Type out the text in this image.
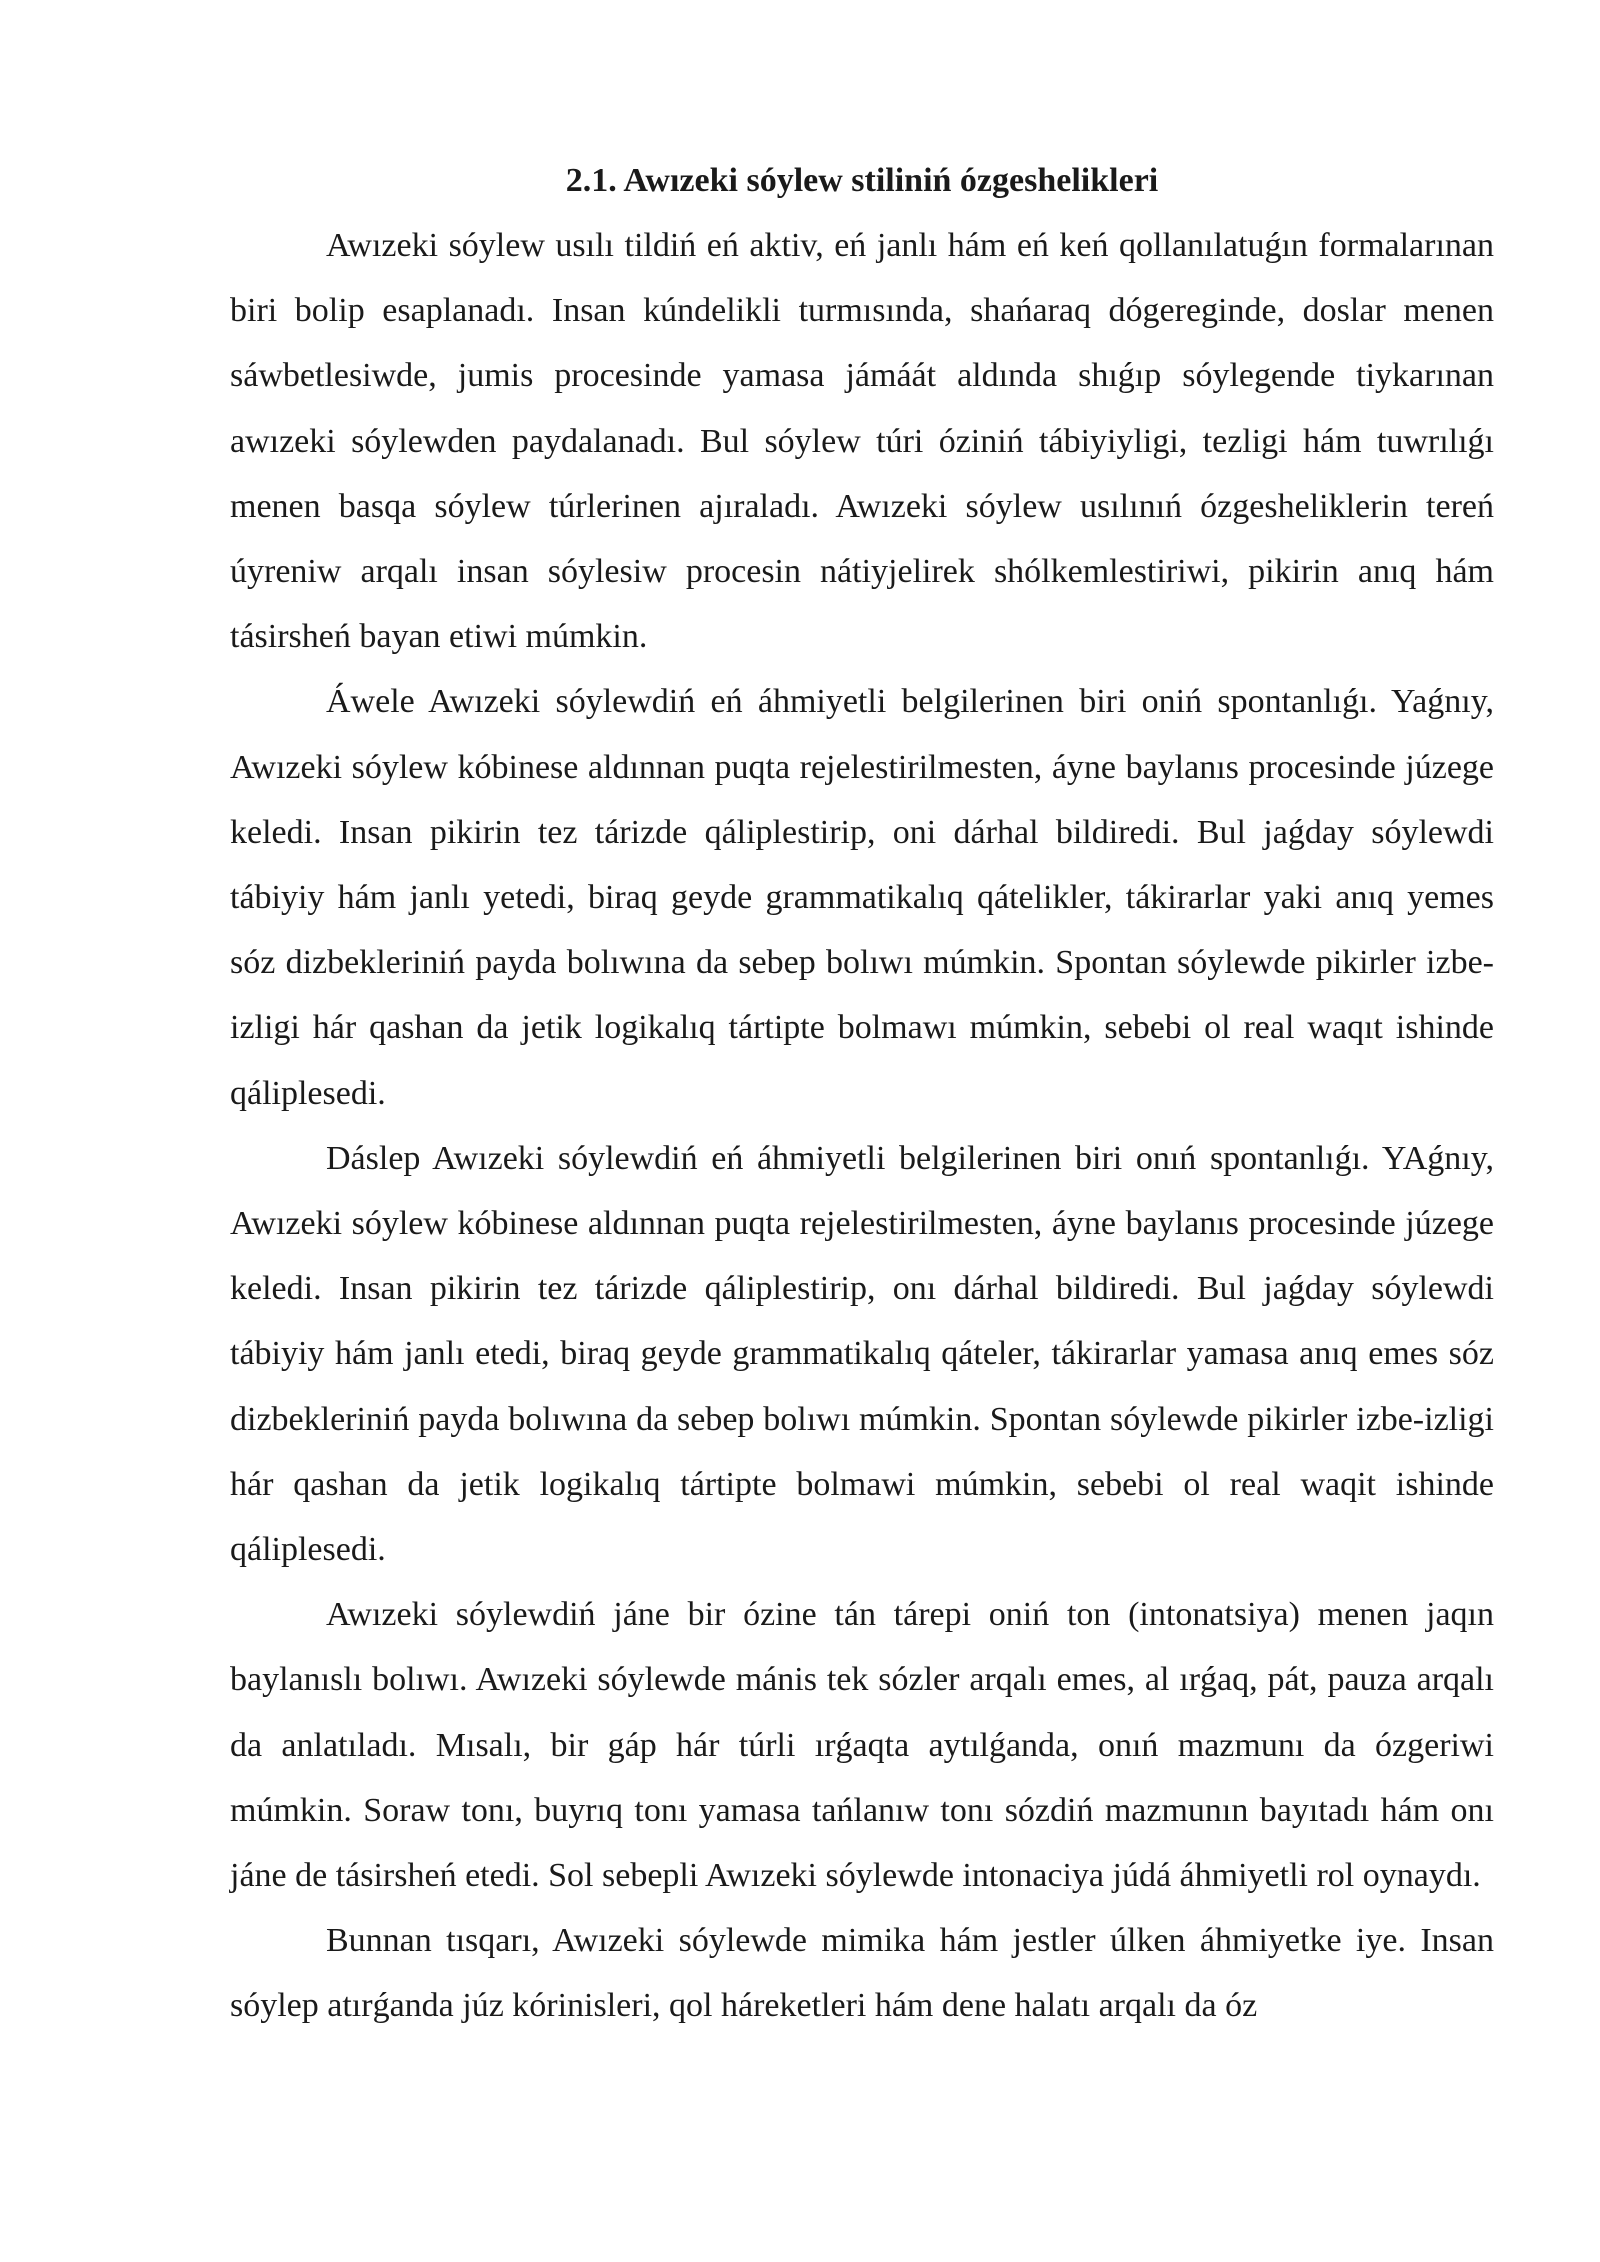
2.1. Awızeki sóylew stiliniń ózgeshelikleri

Awızeki sóylew usılı tildiń eń aktiv, eń janlı hám eń keń qollanılatuǵın formalarınan biri bolip esaplanadı. Insan kúndelikli turmısında, shańaraq dógereginde, doslar menen sáwbetlesiwde, jumis procesinde yamasa jámáát aldında shıǵıp sóylegende tiykarınan awızeki sóylewden paydalanadı. Bul sóylew túri óziniń tábiyiyligi, tezligi hám tuwrılıǵı menen basqa sóylew túrlerinen ajıraladı. Awızeki sóylew usılınıń ózgesheliklerin tereń úyreniw arqalı insan sóylesiw procesin nátiyjelirek shólkemlestiriwi, pikirin anıq hám tásirsheń bayan etiwi múmkin.

Áwele Awızeki sóylewdiń eń áhmiyetli belgilerinen biri oniń spontanlıǵı. Yaǵnıy, Awızeki sóylew kóbinese aldınnan puqta rejelestirilmesten, áyne baylanıs procesinde júzege keledi. Insan pikirin tez tárizde qáliplestirip, oni dárhal bildiredi. Bul jaǵday sóylewdi tábiyiy hám janlı yetedi, biraq geyde grammatikalıq qátelikler, tákirarlar yaki anıq yemes sóz dizbekleriniń payda bolıwına da sebep bolıwı múmkin. Spontan sóylewde pikirler izbe-izligi hár qashan da jetik logikalıq tártipte bolmawı múmkin, sebebi ol real waqıt ishinde qáliplesedi.

Dáslep Awızeki sóylewdiń eń áhmiyetli belgilerinen biri onıń spontanlıǵı. YAǵnıy, Awızeki sóylew kóbinese aldınnan puqta rejelestirilmesten, áyne baylanıs procesinde júzege keledi. Insan pikirin tez tárizde qáliplestirip, onı dárhal bildiredi. Bul jaǵday sóylewdi tábiyiy hám janlı etedi, biraq geyde grammatikalıq qáteler, tákirarlar yamasa anıq emes sóz dizbekleriniń payda bolıwına da sebep bolıwı múmkin. Spontan sóylewde pikirler izbe-izligi hár qashan da jetik logikalıq tártipte bolmawi múmkin, sebebi ol real waqit ishinde qáliplesedi.

Awızeki sóylewdiń jáne bir ózine tán tárepi oniń ton (intonatsiya) menen jaqın baylanıslı bolıwı. Awızeki sóylewde mánis tek sózler arqalı emes, al ırǵaq, pát, pauza arqalı da anlatıladı. Mısalı, bir gáp hár túrli ırǵaqta aytılǵanda, onıń mazmunı da ózgeriwi múmkin. Soraw tonı, buyrıq tonı yamasa tańlanıw tonı sózdiń mazmunın bayıtadı hám onı jáne de tásirsheń etedi. Sol sebepli Awızeki sóylewde intonaciya júdá áhmiyetli rol oynaydı.

Bunnan tısqarı, Awızeki sóylewde mimika hám jestler úlken áhmiyetke iye. Insan sóylep atırǵanda júz kórinisleri, qol háreketleri hám dene halatı arqalı da óz
